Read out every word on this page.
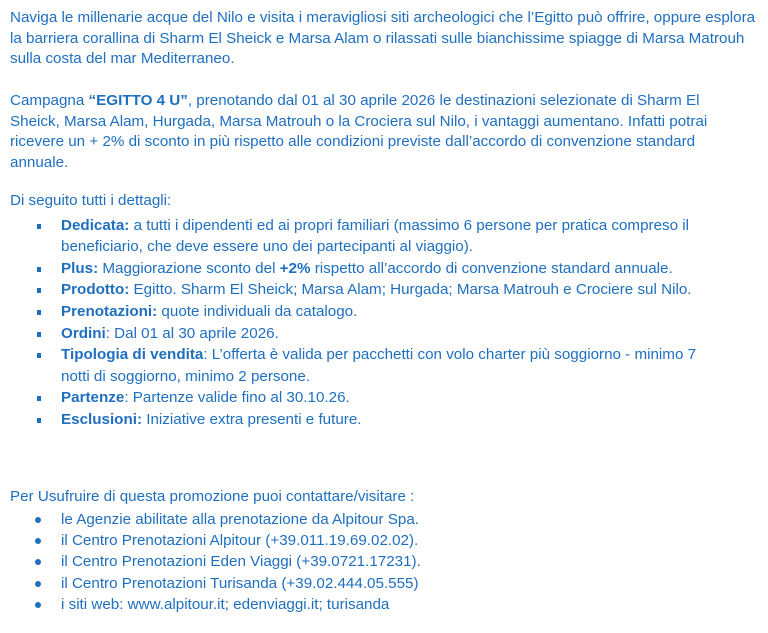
Naviga le millenarie acque del Nilo e visita i meravigliosi siti archeologici che l’Egitto può offrire, oppure esplora la barriera corallina di Sharm El Sheick e Marsa Alam o rilassati sulle bianchissime spiagge di Marsa Matrouh sulla costa del mar Mediterraneo.

Campagna “EGITTO 4 U”, prenotando dal 01 al 30 aprile 2026 le destinazioni selezionate di Sharm El Sheick, Marsa Alam, Hurgada, Marsa Matrouh o la Crociera sul Nilo, i vantaggi aumentano. Infatti potrai ricevere un + 2% di sconto in più rispetto alle condizioni previste dall’accordo di convenzione standard annuale.

Di seguito tutti i dettagli:

Dedicata: a tutti i dipendenti ed ai propri familiari (massimo 6 persone per pratica compreso il beneficiario, che deve essere uno dei partecipanti al viaggio).
Plus: Maggiorazione sconto del +2% rispetto all’accordo di convenzione standard annuale.
Prodotto: Egitto. Sharm El Sheick; Marsa Alam; Hurgada; Marsa Matrouh e Crociere sul Nilo.
Prenotazioni: quote individuali da catalogo.
Ordini: Dal 01 al 30 aprile 2026.
Tipologia di vendita: L’offerta è valida per pacchetti con volo charter più soggiorno - minimo 7 notti di soggiorno, minimo 2 persone.
Partenze: Partenze valide fino al 30.10.26.
Esclusioni: Iniziative extra presenti e future.

Per Usufruire di questa promozione puoi contattare/visitare :

le Agenzie abilitate alla prenotazione da Alpitour Spa.
il Centro Prenotazioni Alpitour (+39.011.19.69.02.02).
il Centro Prenotazioni Eden Viaggi (+39.0721.17231).
il Centro Prenotazioni Turisanda (+39.02.444.05.555)
i siti web: www.alpitour.it; edenviaggi.it; turisanda
